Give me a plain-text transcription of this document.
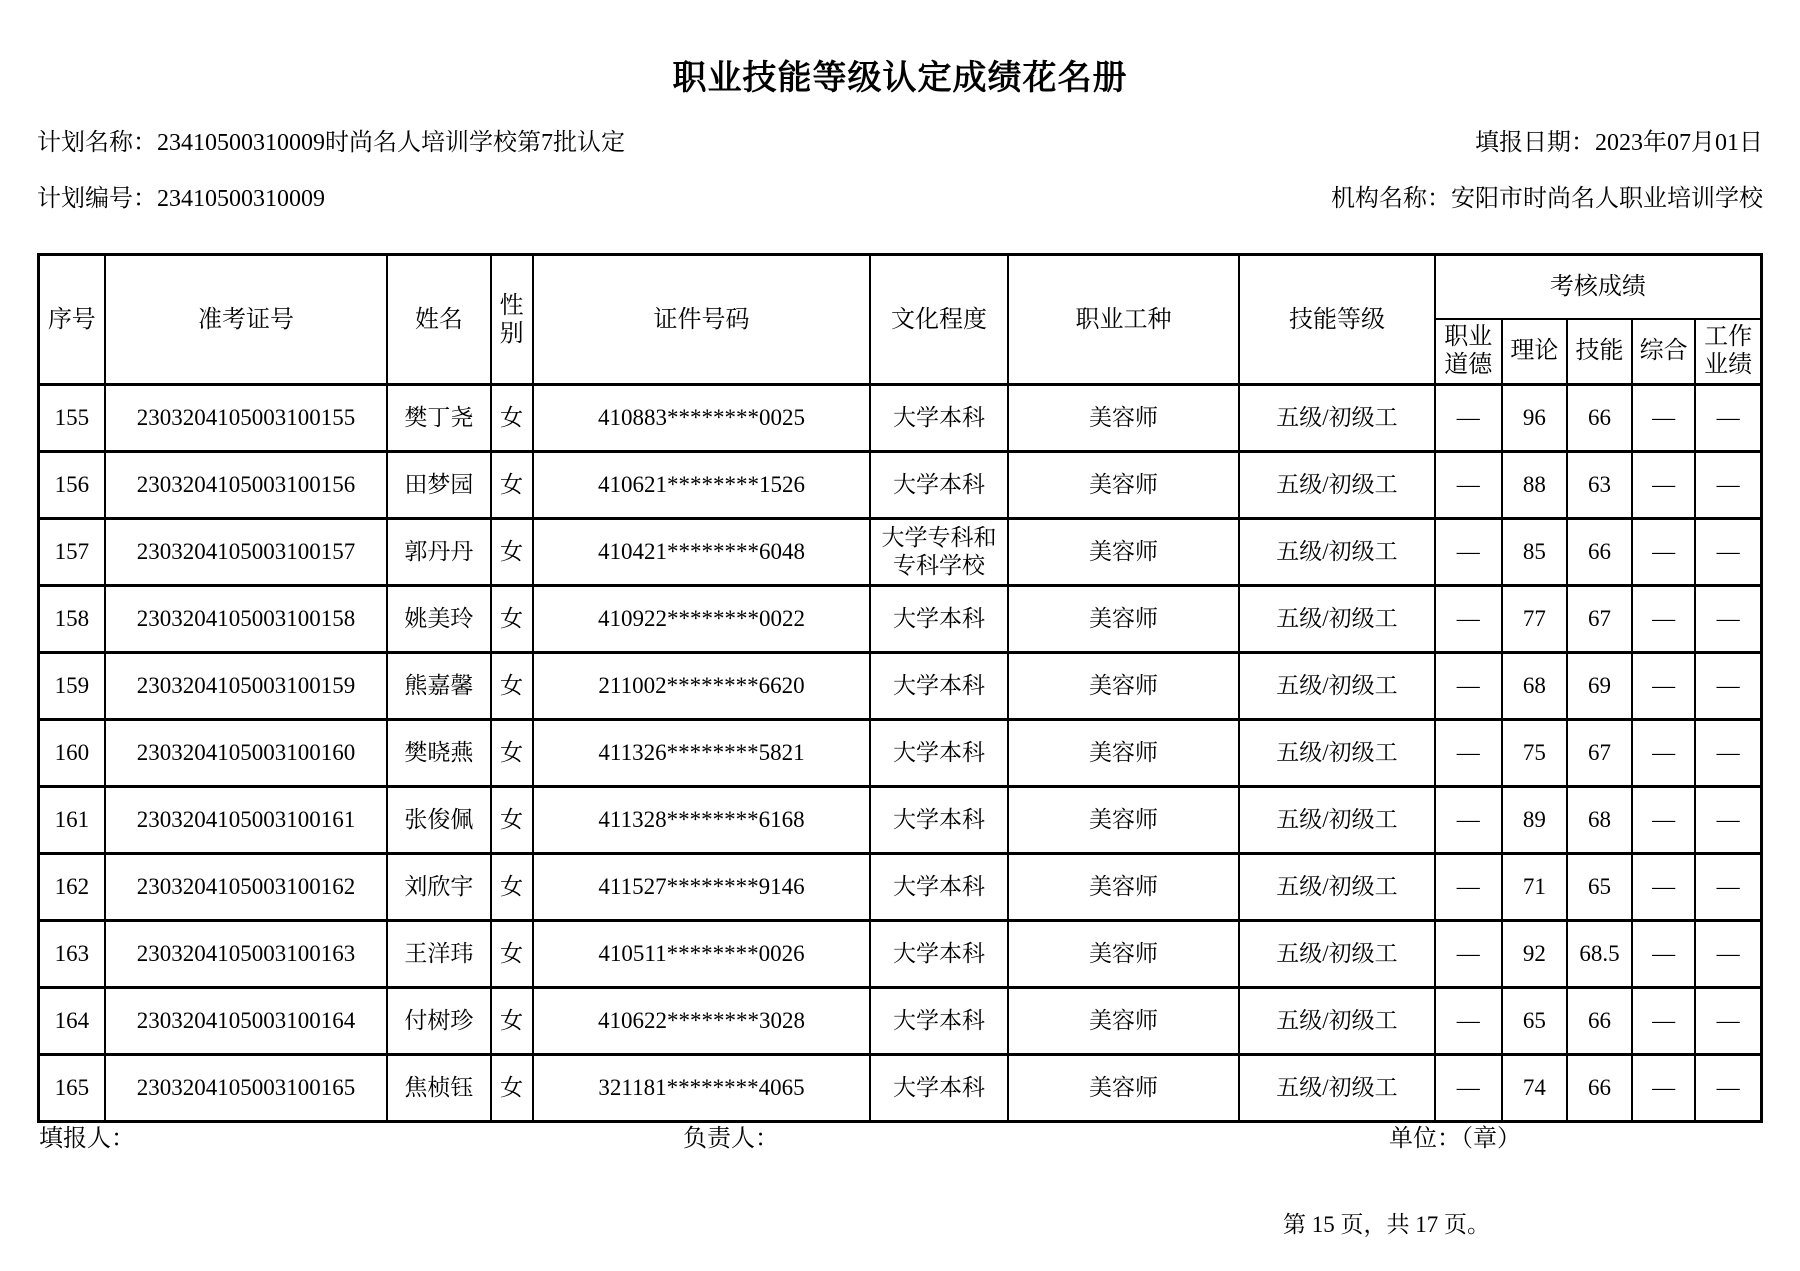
职业技能等级认定成绩花名册
计划名称：23410500310009时尚名人培训学校第7批认定	填报日期：2023年07月01日
计划编号：23410500310009	机构名称：安阳市时尚名人职业培训学校
序号	准考证号	姓名	性别	证件号码	文化程度	职业工种	技能等级	考核成绩				
								职业道德	理论	技能	综合	工作业绩
155	2303204105003100155	樊丁尧	女	410883********0025	大学本科	美容师	五级/初级工	—	96	66	—	—
156	2303204105003100156	田梦园	女	410621********1526	大学本科	美容师	五级/初级工	—	88	63	—	—
157	2303204105003100157	郭丹丹	女	410421********6048	大学专科和专科学校	美容师	五级/初级工	—	85	66	—	—
158	2303204105003100158	姚美玲	女	410922********0022	大学本科	美容师	五级/初级工	—	77	67	—	—
159	2303204105003100159	熊嘉馨	女	211002********6620	大学本科	美容师	五级/初级工	—	68	69	—	—
160	2303204105003100160	樊晓燕	女	411326********5821	大学本科	美容师	五级/初级工	—	75	67	—	—
161	2303204105003100161	张俊佩	女	411328********6168	大学本科	美容师	五级/初级工	—	89	68	—	—
162	2303204105003100162	刘欣宇	女	411527********9146	大学本科	美容师	五级/初级工	—	71	65	—	—
163	2303204105003100163	王洋玮	女	410511********0026	大学本科	美容师	五级/初级工	—	92	68.5	—	—
164	2303204105003100164	付树珍	女	410622********3028	大学本科	美容师	五级/初级工	—	65	66	—	—
165	2303204105003100165	焦桢钰	女	321181********4065	大学本科	美容师	五级/初级工	—	74	66	—	—
填报人：	负责人：	单位：（章）
第 15 页，共 17 页。
